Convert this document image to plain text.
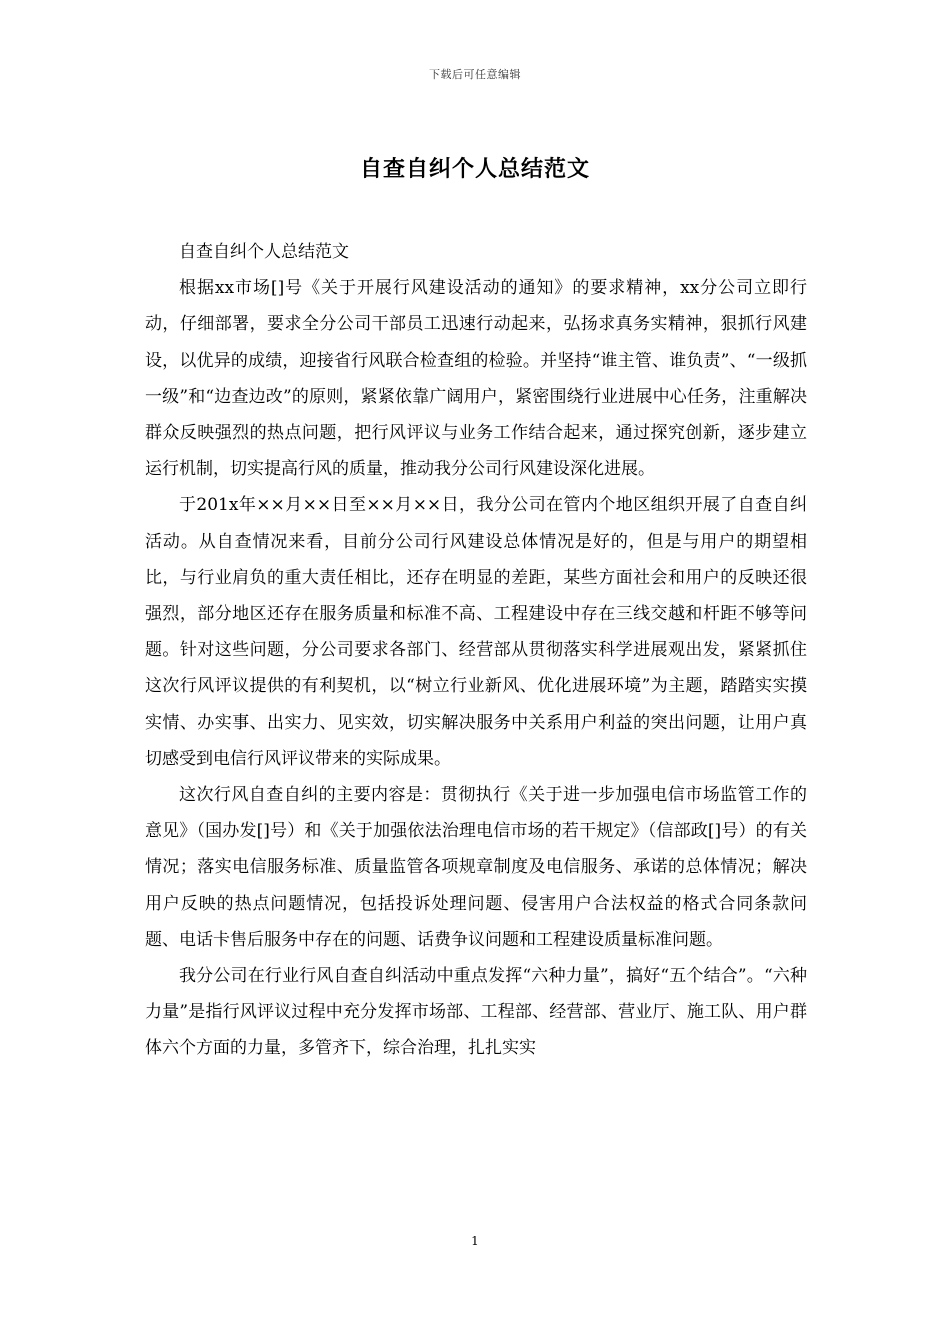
下载后可任意编辑
自查自纠个人总结范文

自查自纠个人总结范文

根据xx市场[]号《关于开展行风建设活动的通知》的要求精神，xx分公司立即行动，仔细部署，要求全分公司干部员工迅速行动起来，弘扬求真务实精神，狠抓行风建设，以优异的成绩，迎接省行风联合检查组的检验。并坚持“谁主管、谁负责”、“一级抓一级”和“边查边改”的原则，紧紧依靠广阔用户，紧密围绕行业进展中心任务，注重解决群众反映强烈的热点问题，把行风评议与业务工作结合起来，通过探究创新，逐步建立运行机制，切实提高行风的质量，推动我分公司行风建设深化进展。

于201x年××月××日至××月××日，我分公司在管内个地区组织开展了自查自纠活动。从自查情况来看，目前分公司行风建设总体情况是好的，但是与用户的期望相比，与行业肩负的重大责任相比，还存在明显的差距，某些方面社会和用户的反映还很强烈，部分地区还存在服务质量和标准不高、工程建设中存在三线交越和杆距不够等问题。针对这些问题，分公司要求各部门、经营部从贯彻落实科学进展观出发，紧紧抓住这次行风评议提供的有利契机，以“树立行业新风、优化进展环境”为主题，踏踏实实摸实情、办实事、出实力、见实效，切实解决服务中关系用户利益的突出问题，让用户真切感受到电信行风评议带来的实际成果。

这次行风自查自纠的主要内容是：贯彻执行《关于进一步加强电信市场监管工作的意见》（国办发[]号）和《关于加强依法治理电信市场的若干规定》（信部政[]号）的有关情况；落实电信服务标准、质量监管各项规章制度及电信服务、承诺的总体情况；解决用户反映的热点问题情况，包括投诉处理问题、侵害用户合法权益的格式合同条款问题、电话卡售后服务中存在的问题、话费争议问题和工程建设质量标准问题。

我分公司在行业行风自查自纠活动中重点发挥“六种力量”，搞好“五个结合”。“六种力量”是指行风评议过程中充分发挥市场部、工程部、经营部、营业厅、施工队、用户群体六个方面的力量，多管齐下，综合治理，扎扎实实

1
